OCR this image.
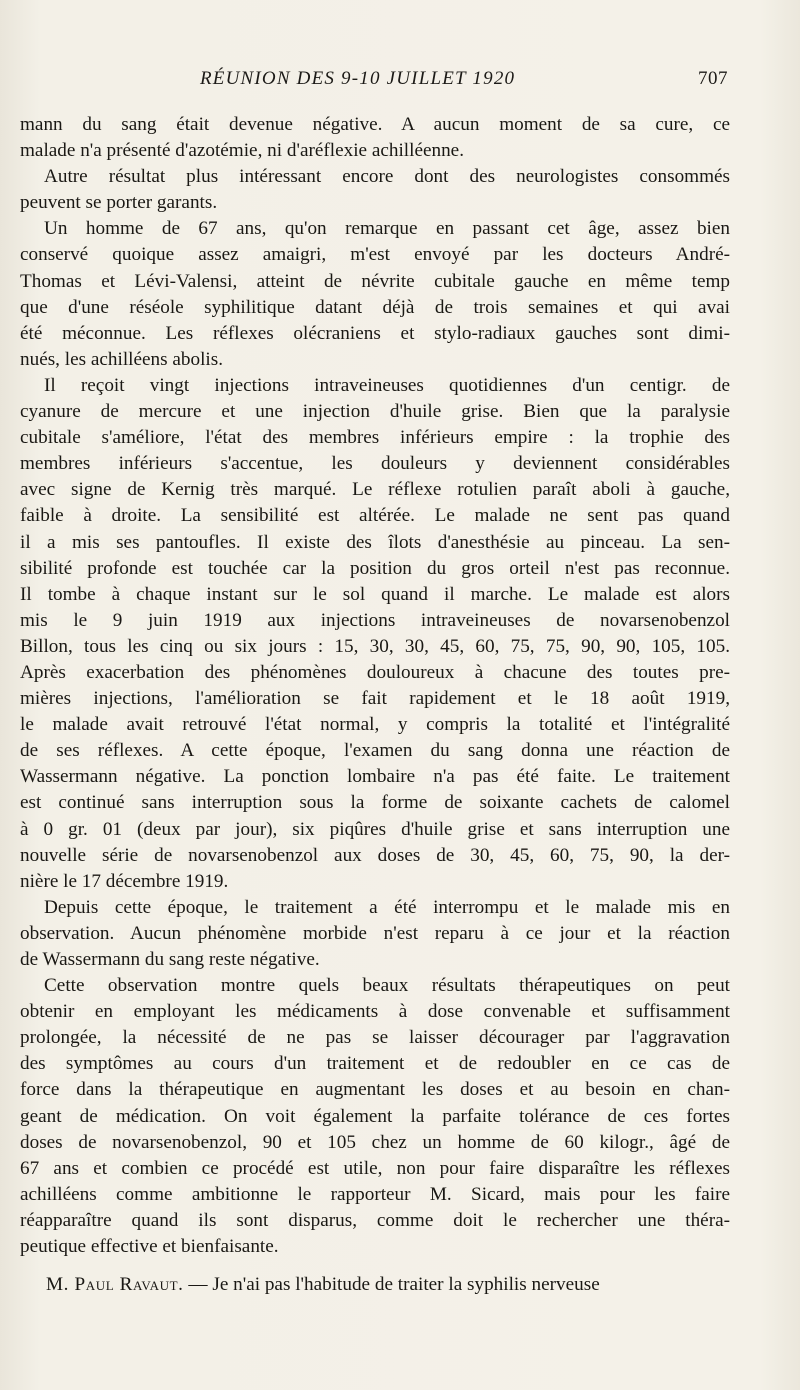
RÉUNION DES 9-10 JUILLET 1920	707
mann du sang était devenue négative. A aucun moment de sa cure, ce
malade n'a présenté d'azotémie, ni d'aréflexie achilléenne.
Autre résultat plus intéressant encore dont des neurologistes consommés
peuvent se porter garants.
Un homme de 67 ans, qu'on remarque en passant cet âge, assez bien
conservé quoique assez amaigri, m'est envoyé par les docteurs André-
Thomas et Lévi-Valensi, atteint de névrite cubitale gauche en même temp
que d'une réséole syphilitique datant déjà de trois semaines et qui avai
été méconnue. Les réflexes olécraniens et stylo-radiaux gauches sont dimi-
nués, les achilléens abolis.
Il reçoit vingt injections intraveineuses quotidiennes d'un centigr. de
cyanure de mercure et une injection d'huile grise. Bien que la paralysie
cubitale s'améliore, l'état des membres inférieurs empire : la trophie des
membres inférieurs s'accentue, les douleurs y deviennent considérables
avec signe de Kernig très marqué. Le réflexe rotulien paraît aboli à gauche,
faible à droite. La sensibilité est altérée. Le malade ne sent pas quand
il a mis ses pantoufles. Il existe des îlots d'anesthésie au pinceau. La sen-
sibilité profonde est touchée car la position du gros orteil n'est pas reconnue.
Il tombe à chaque instant sur le sol quand il marche. Le malade est alors
mis le 9 juin 1919 aux injections intraveineuses de novarsenobenzol
Billon, tous les cinq ou six jours : 15, 30, 30, 45, 60, 75, 75, 90, 90, 105, 105.
Après exacerbation des phénomènes douloureux à chacune des toutes pre-
mières injections, l'amélioration se fait rapidement et le 18 août 1919,
le malade avait retrouvé l'état normal, y compris la totalité et l'intégralité
de ses réflexes. A cette époque, l'examen du sang donna une réaction de
Wassermann négative. La ponction lombaire n'a pas été faite. Le traitement
est continué sans interruption sous la forme de soixante cachets de calomel
à 0 gr. 01 (deux par jour), six piqûres d'huile grise et sans interruption une
nouvelle série de novarsenobenzol aux doses de 30, 45, 60, 75, 90, la der-
nière le 17 décembre 1919.
Depuis cette époque, le traitement a été interrompu et le malade mis en
observation. Aucun phénomène morbide n'est reparu à ce jour et la réaction
de Wassermann du sang reste négative.
Cette observation montre quels beaux résultats thérapeutiques on peut
obtenir en employant les médicaments à dose convenable et suffisamment
prolongée, la nécessité de ne pas se laisser décourager par l'aggravation
des symptômes au cours d'un traitement et de redoubler en ce cas de
force dans la thérapeutique en augmentant les doses et au besoin en chan-
geant de médication. On voit également la parfaite tolérance de ces fortes
doses de novarsenobenzol, 90 et 105 chez un homme de 60 kilogr., âgé de
67 ans et combien ce procédé est utile, non pour faire disparaître les réflexes
achilléens comme ambitionne le rapporteur M. Sicard, mais pour les faire
réapparaître quand ils sont disparus, comme doit le rechercher une théra-
peutique effective et bienfaisante.
M. Paul Ravaut. — Je n'ai pas l'habitude de traiter la syphilis nerveuse
